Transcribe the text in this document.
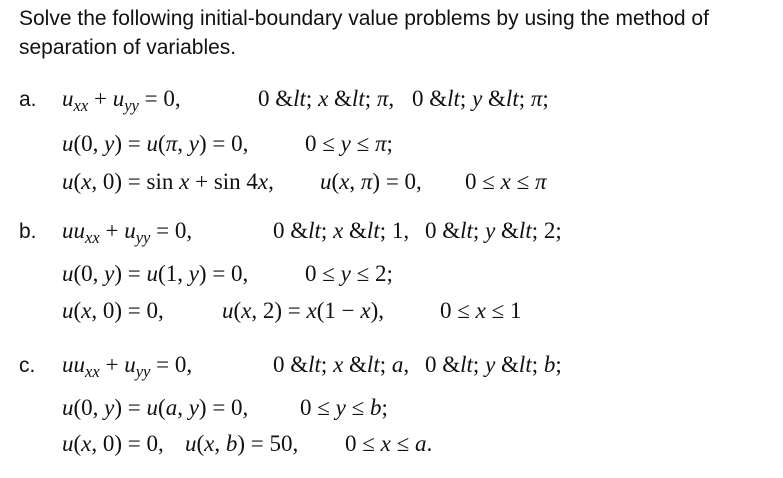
Solve the following initial-boundary value problems by using the method of separation of variables.
a. $u_{xx} + u_{yy} = 0$,	0 &lt; x &lt; π, 0 &lt; y &lt; π;
u(0, y) = u(π, y) = 0, 0 ≤ y ≤ π;
u(x, 0) = sin x + sin 4x, u(x, π) = 0, 0 ≤ x ≤ π
b. $uu_{xx} + u_{yy} = 0$,	0 &lt; x &lt; 1, 0 &lt; y &lt; 2;
u(0, y) = u(1, y) = 0, 0 ≤ y ≤ 2;
u(x, 0) = 0,	u(x, 2) = x(1 − x), 0 ≤ x ≤ 1
c. $uu_{xx} + u_{yy} = 0$,	0 &lt; x &lt; a, 0 &lt; y &lt; b;
u(0, y) = u(a, y) = 0, 0 ≤ y ≤ b;
u(x, 0) = 0, u(x, b) = 50, 0 ≤ x ≤ a.
